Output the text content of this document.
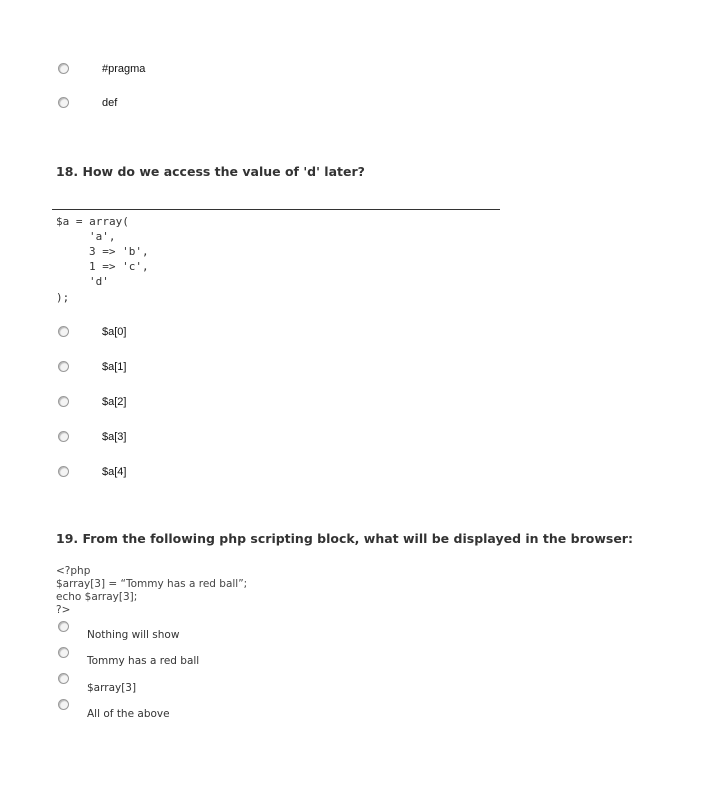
#pragma
def
18. How do we access the value of 'd' later?
$a = array(
'a',
3 => 'b',
1 => 'c',
'd'
);
$a[0]
$a[1]
$a[2]
$a[3]
$a[4]
19. From the following php scripting block, what will be displayed in the browser:
<?php
$array[3] = “Tommy has a red ball”;
echo $array[3];
?>
Nothing will show
Tommy has a red ball
$array[3]
All of the above
